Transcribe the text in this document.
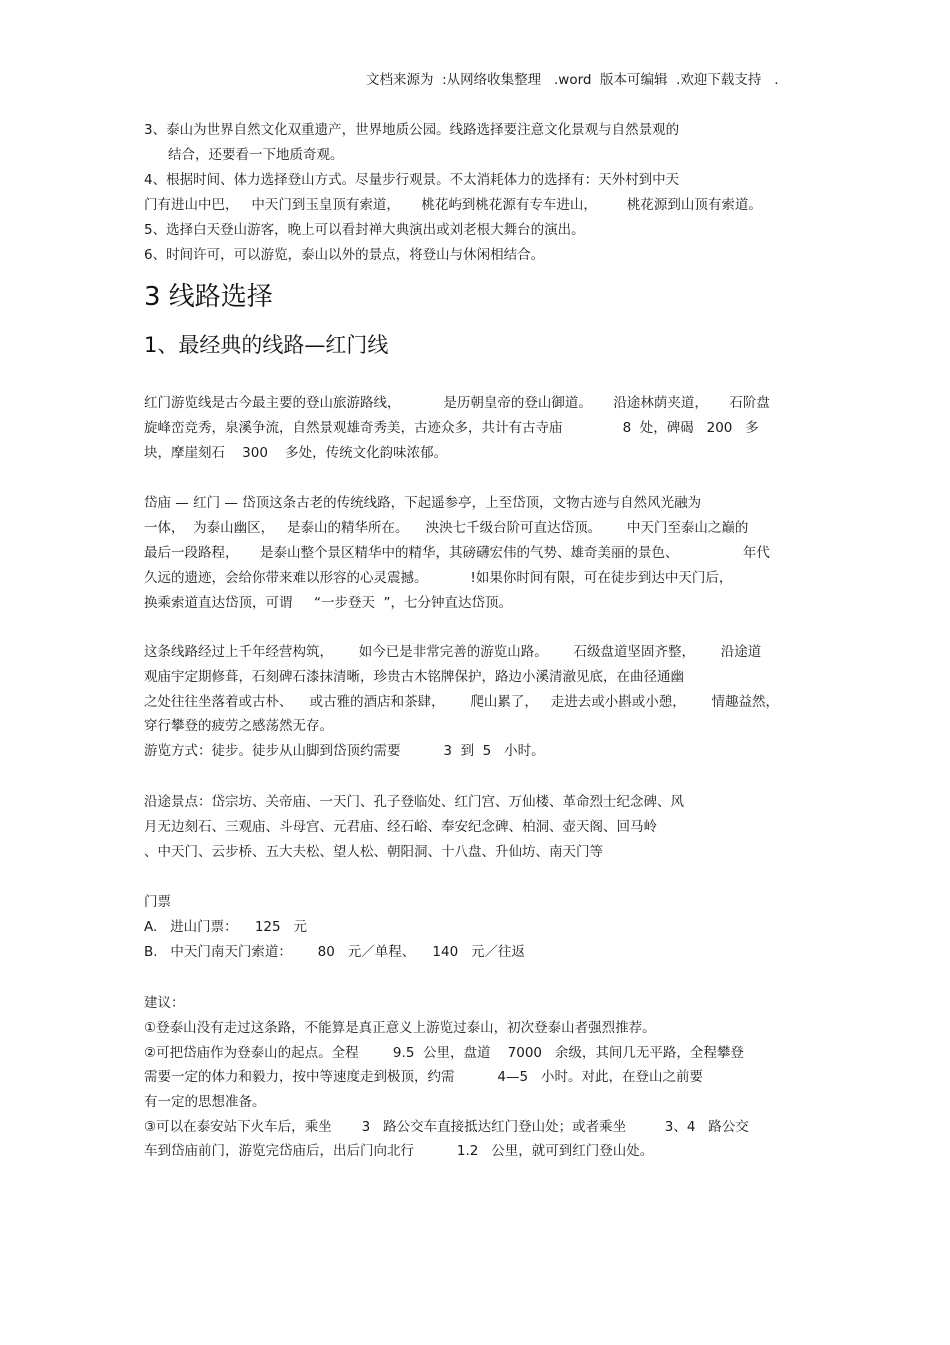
文档来源为  :从网络收集整理   .word  版本可编辑  .欢迎下载支持   .
3、泰山为世界自然文化双重遗产，世界地质公园。线路选择要注意文化景观与自然景观的
结合，还要看一下地质奇观。
4、根据时间、体力选择登山方式。尽量步行观景。不太消耗体力的选择有：天外村到中天
门有进山中巴，   中天门到玉皇顶有索道，     桃花屿到桃花源有专车进山，       桃花源到山顶有索道。
5、选择白天登山游客，晚上可以看封禅大典演出或刘老根大舞台的演出。
6、时间许可，可以游览，泰山以外的景点，将登山与休闲相结合。
3 线路选择
1、最经典的线路—红门线
红门游览线是古今最主要的登山旅游路线，          是历朝皇帝的登山御道。     沿途林荫夹道，     石阶盘
旋峰峦竞秀，泉溪争流，自然景观雄奇秀美，古迹众多，共计有古寺庙              8  处，碑碣   200   多
块，摩崖刻石    300    多处，传统文化韵味浓郁。
岱庙 — 红门 — 岱顶这条古老的传统线路，下起遥参亭，上至岱顶，文物古迹与自然风光融为
一体，  为泰山幽区，   是泰山的精华所在。    泱泱七千级台阶可直达岱顶。      中天门至泰山之巅的
最后一段路程，     是泰山整个景区精华中的精华，其磅礴宏伟的气势、雄奇美丽的景色、               年代
久远的遗迹，会给你带来难以形容的心灵震撼。          !如果你时间有限，可在徒步到达中天门后，
换乘索道直达岱顶，可谓     “一步登天  ”，七分钟直达岱顶。
这条线路经过上千年经营构筑，      如今已是非常完善的游览山路。      石级盘道坚固齐整，      沿途道
观庙宇定期修葺，石刻碑石漆抹清晰，珍贵古木铭牌保护，路边小溪清澈见底，在曲径通幽
之处往往坐落着或古朴、    或古雅的酒店和茶肆，      爬山累了，   走进去或小斟或小憩，      情趣益然，
穿行攀登的疲劳之感荡然无存。
游览方式：徒步。徒步从山脚到岱顶约需要          3  到  5   小时。
沿途景点：岱宗坊、关帝庙、一天门、孔子登临处、红门宫、万仙楼、革命烈士纪念碑、风
月无边刻石、三观庙、斗母宫、元君庙、经石峪、奉安纪念碑、柏洞、壶天阁、回马岭
、中天门、云步桥、五大夫松、望人松、朝阳洞、十八盘、升仙坊、南天门等
门票
A.   进山门票：    125   元
B.   中天门南天门索道：      80   元／单程、    140   元／往返
建议：
①登泰山没有走过这条路，不能算是真正意义上游览过泰山，初次登泰山者强烈推荐。
②可把岱庙作为登泰山的起点。全程        9.5  公里，盘道    7000   余级，其间几无平路，全程攀登
需要一定的体力和毅力，按中等速度走到极顶，约需          4—5   小时。对此，在登山之前要
有一定的思想准备。
③可以在泰安站下火车后，乘坐       3   路公交车直接抵达红门登山处；或者乘坐         3、4   路公交
车到岱庙前门，游览完岱庙后，出后门向北行          1.2   公里，就可到红门登山处。
